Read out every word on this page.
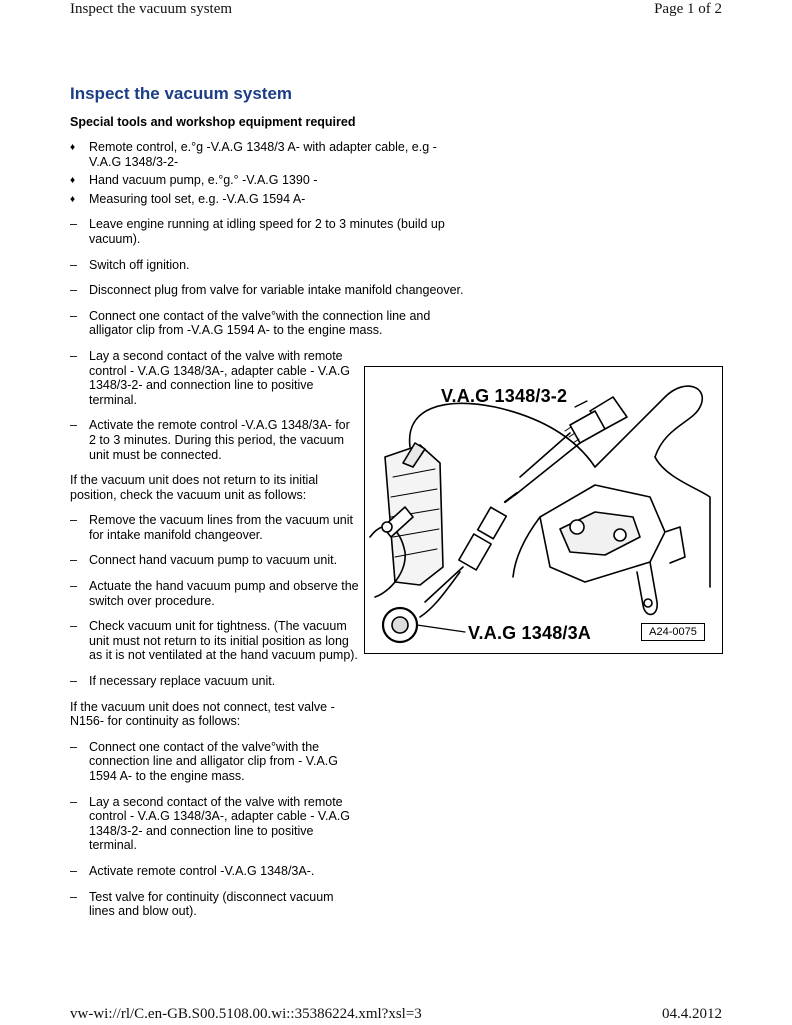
Inspect the vacuum system	Page 1 of 2
Inspect the vacuum system
Special tools and workshop equipment required
♦	Remote control, e.°g -V.A.G 1348/3 A- with adapter cable, e.g - V.A.G 1348/3-2-
♦	Hand vacuum pump, e.°g.° -V.A.G 1390 -
♦	Measuring tool set, e.g. -V.A.G 1594 A-
– Leave engine running at idling speed for 2 to 3 minutes (build up vacuum).
– Switch off ignition.
– Disconnect plug from valve for variable intake manifold changeover.
– Connect one contact of the valve°with the connection line and alligator clip from -V.A.G 1594 A- to the engine mass.
– Lay a second contact of the valve with remote control - V.A.G 1348/3A-, adapter cable - V.A.G 1348/3-2- and connection line to positive terminal.
– Activate the remote control -V.A.G 1348/3A- for 2 to 3 minutes. During this period, the vacuum unit must be connected.
If the vacuum unit does not return to its initial position, check the vacuum unit as follows:
– Remove the vacuum lines from the vacuum unit for intake manifold changeover.
– Connect hand vacuum pump to vacuum unit.
– Actuate the hand vacuum pump and observe the switch over procedure.
– Check vacuum unit for tightness. (The vacuum unit must not return to its initial position as long as it is not ventilated at the hand vacuum pump).
– If necessary replace vacuum unit.
If the vacuum unit does not connect, test valve - N156- for continuity as follows:
– Connect one contact of the valve°with the connection line and alligator clip from - V.A.G 1594 A- to the engine mass.
– Lay a second contact of the valve with remote control - V.A.G 1348/3A-, adapter cable - V.A.G 1348/3-2- and connection line to positive terminal.
– Activate remote control -V.A.G 1348/3A-.
– Test valve for continuity (disconnect vacuum lines and blow out).
V.A.G 1348/3-2
V.A.G 1348/3A	A24-0075
vw-wi://rl/C.en-GB.S00.5108.00.wi::35386224.xml?xsl=3	04.4.2012
